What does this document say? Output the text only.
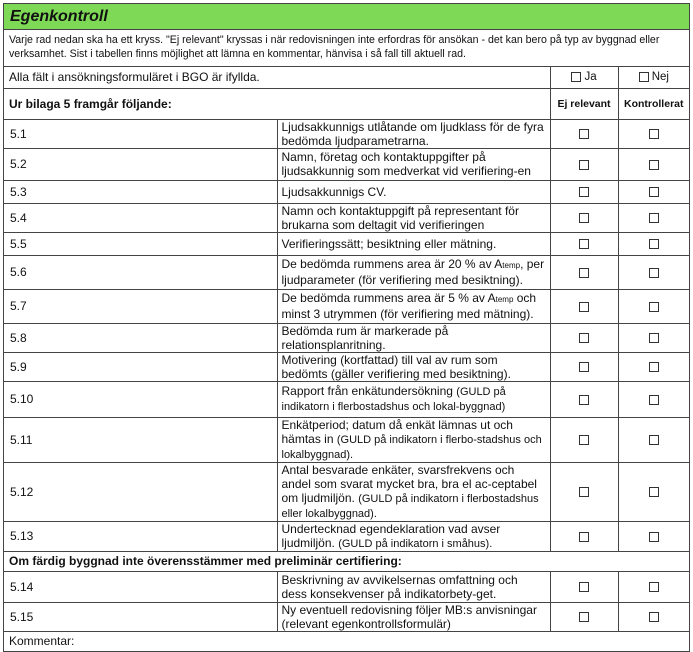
Egenkontroll
Varje rad nedan ska ha ett kryss. "Ej relevant" kryssas i när redovisningen inte erfordras för ansökan - det kan bero på typ av byggnad eller verksamhet. Sist i tabellen finns möjlighet att lämna en kommentar, hänvisa i så fall till aktuell rad.
Alla fält i ansökningsformuläret i BGO är ifyllda.		Ja	Nej
Ur bilaga 5 framgår följande:		Ej relevant	Kontrollerat
5.1	Ljudsakkunnigs utlåtande om ljudklass för de fyra bedömda ljudparametrarna.		
5.2	Namn, företag och kontaktuppgifter på ljudsakkunnig som medverkat vid verifiering-en		
5.3	Ljudsakkunnigs CV.		
5.4	Namn och kontaktuppgift på representant för brukarna som deltagit vid verifieringen		
5.5	Verifieringssätt; besiktning eller mätning.		
5.6	De bedömda rummens area är 20 % av Atemp, per ljudparameter (för verifiering med besiktning).		
5.7	De bedömda rummens area är 5 % av Atemp och minst 3 utrymmen (för verifiering med mätning).		
5.8	Bedömda rum är markerade på relationsplanritning.		
5.9	Motivering (kortfattad) till val av rum som bedömts (gäller verifiering med besiktning).		
5.10	Rapport från enkätundersökning (GULD på indikatorn i flerbostadshus och lokal-byggnad)		
5.11	Enkätperiod; datum då enkät lämnas ut och hämtas in (GULD på indikatorn i flerbo-stadshus och lokalbyggnad).		
5.12	Antal besvarade enkäter, svarsfrekvens och andel som svarat mycket bra, bra el ac-ceptabel om ljudmiljön. (GULD på indikatorn i flerbostadshus eller lokalbyggnad).		
5.13	Undertecknad egendeklaration vad avser ljudmiljön. (GULD på indikatorn i småhus).		
Om färdig byggnad inte överensstämmer med preliminär certifiering:			
5.14	Beskrivning av avvikelsernas omfattning och dess konsekvenser på indikatorbety-get.		
5.15	Ny eventuell redovisning följer MB:s anvisningar (relevant egenkontrollsformulär)		
Kommentar:
